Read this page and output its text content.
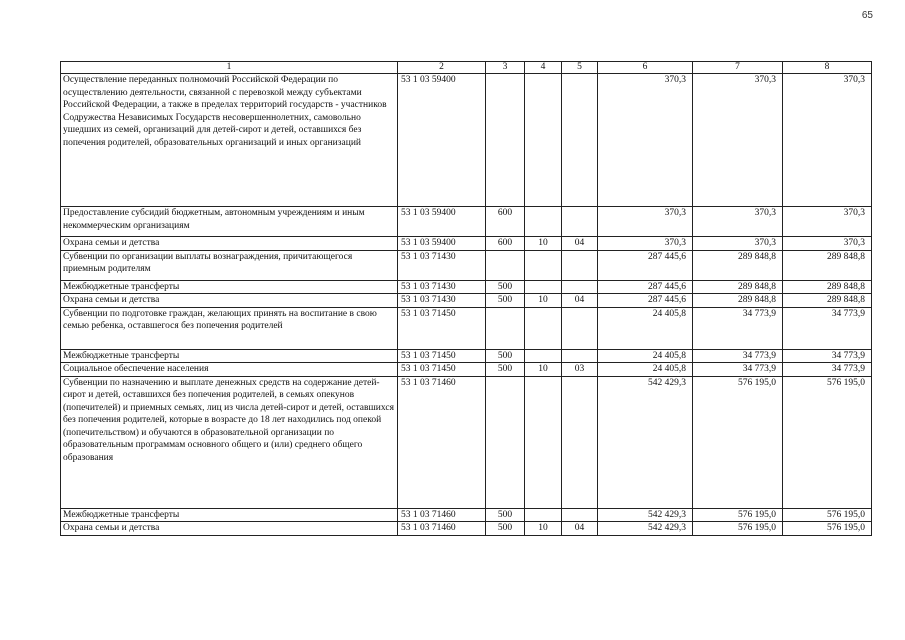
65
1	2	3	4	5	6	7	8
Осуществление переданных полномочий Российской Федерации по осуществлению деятельности, связанной с перевозкой между субъектами Российской Федерации, а также в пределах территорий государств - участников Содружества Независимых Государств несовершеннолетних, самовольно ушедших из семей, организаций для детей-сирот и детей, оставшихся без попечения родителей, образовательных организаций и иных организаций	53 1 03 59400				370,3	370,3	370,3
Предоставление субсидий бюджетным, автономным учреждениям и иным некоммерческим организациям	53 1 03 59400	600			370,3	370,3	370,3
Охрана семьи и детства	53 1 03 59400	600	10	04	370,3	370,3	370,3
Субвенции по организации выплаты вознаграждения, причитающегося приемным родителям	53 1 03 71430				287 445,6	289 848,8	289 848,8
Межбюджетные трансферты	53 1 03 71430	500			287 445,6	289 848,8	289 848,8
Охрана семьи и детства	53 1 03 71430	500	10	04	287 445,6	289 848,8	289 848,8
Субвенции по подготовке граждан, желающих принять на воспитание в свою семью ребенка, оставшегося без попечения родителей	53 1 03 71450				24 405,8	34 773,9	34 773,9
Межбюджетные трансферты	53 1 03 71450	500			24 405,8	34 773,9	34 773,9
Социальное обеспечение населения	53 1 03 71450	500	10	03	24 405,8	34 773,9	34 773,9
Субвенции по назначению и выплате денежных средств на содержание детей-сирот и детей, оставшихся без попечения родителей, в семьях опекунов (попечителей) и приемных семьях, лиц из числа детей-сирот и детей, оставшихся без попечения родителей, которые в возрасте до 18 лет находились под опекой (попечительством) и обучаются в образовательной организации по образовательным программам основного общего и (или) среднего общего образования	53 1 03 71460				542 429,3	576 195,0	576 195,0
Межбюджетные трансферты	53 1 03 71460	500			542 429,3	576 195,0	576 195,0
Охрана семьи и детства	53 1 03 71460	500	10	04	542 429,3	576 195,0	576 195,0
